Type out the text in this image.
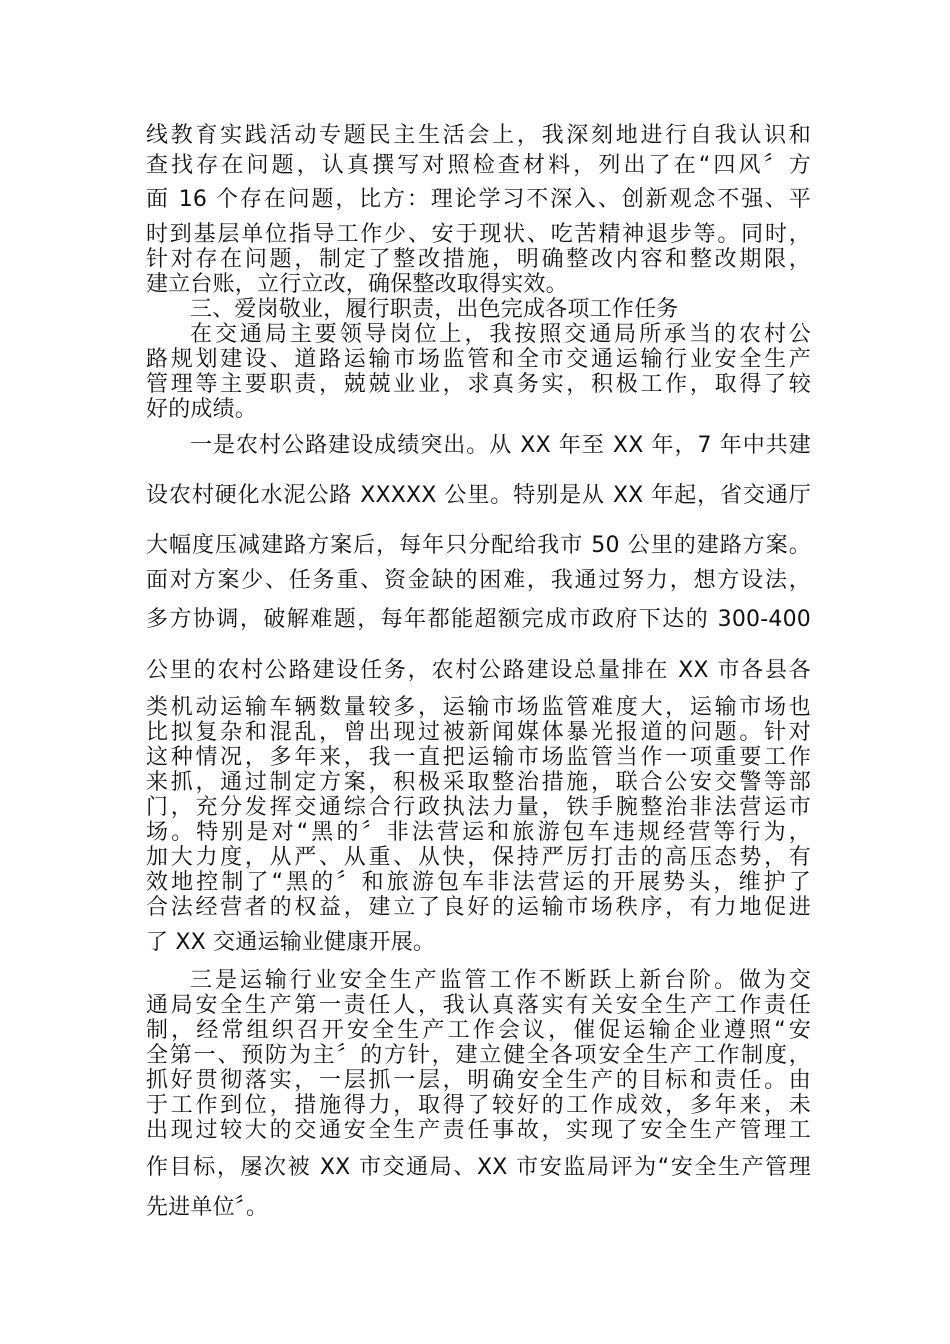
线教育实践活动专题民主生活会上，我深刻地进行自我认识和
查找存在问题，认真撰写对照检查材料，列出了在“四风〞方
面 16 个存在问题，比方：理论学习不深入、创新观念不强、平
时到基层单位指导工作少、安于现状、吃苦精神退步等。同时，
针对存在问题，制定了整改措施，明确整改内容和整改期限，
建立台账，立行立改，确保整改取得实效。
三、爱岗敬业，履行职责，出色完成各项工作任务
在交通局主要领导岗位上，我按照交通局所承当的农村公
路规划建设、道路运输市场监管和全市交通运输行业安全生产
管理等主要职责，兢兢业业，求真务实，积极工作，取得了较
好的成绩。
一是农村公路建设成绩突出。从 XX 年至 XX 年，7 年中共建
设农村硬化水泥公路 XXXXX 公里。特别是从 XX 年起，省交通厅
大幅度压减建路方案后，每年只分配给我市 50 公里的建路方案。
面对方案少、任务重、资金缺的困难，我通过努力，想方设法，
多方协调，破解难题，每年都能超额完成市政府下达的 300-400
公里的农村公路建设任务，农村公路建设总量排在 XX 市各县各
类机动运输车辆数量较多，运输市场监管难度大，运输市场也
比拟复杂和混乱，曾出现过被新闻媒体暴光报道的问题。针对
这种情况，多年来，我一直把运输市场监管当作一项重要工作
来抓，通过制定方案，积极采取整治措施，联合公安交警等部
门，充分发挥交通综合行政执法力量，铁手腕整治非法营运市
场。特别是对“黑的〞非法营运和旅游包车违规经营等行为，
加大力度，从严、从重、从快，保持严厉打击的高压态势，有
效地控制了“黑的〞和旅游包车非法营运的开展势头，维护了
合法经营者的权益，建立了良好的运输市场秩序，有力地促进
了 XX 交通运输业健康开展。
三是运输行业安全生产监管工作不断跃上新台阶。做为交
通局安全生产第一责任人，我认真落实有关安全生产工作责任
制，经常组织召开安全生产工作会议，催促运输企业遵照“安
全第一、预防为主〞的方针，建立健全各项安全生产工作制度，
抓好贯彻落实，一层抓一层，明确安全生产的目标和责任。由
于工作到位，措施得力，取得了较好的工作成效，多年来，未
出现过较大的交通安全生产责任事故，实现了安全生产管理工
作目标，屡次被 XX 市交通局、XX 市安监局评为“安全生产管理
先进单位〞。
